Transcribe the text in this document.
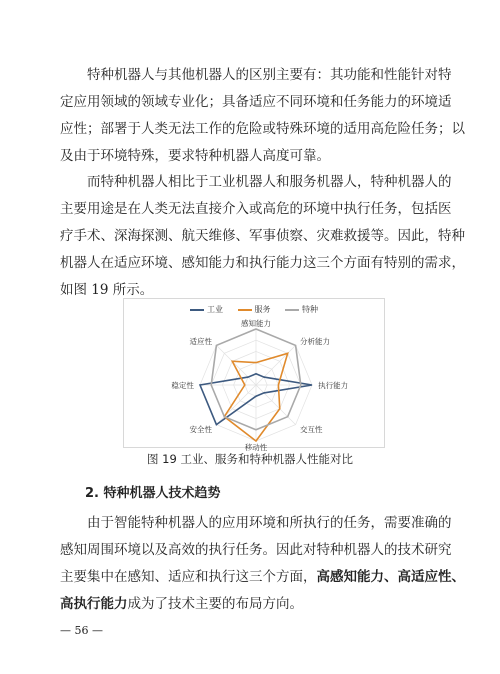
特种机器人与其他机器人的区别主要有：其功能和性能针对特
定应用领域的领域专业化；具备适应不同环境和任务能力的环境适
应性；部署于人类无法工作的危险或特殊环境的适用高危险任务；以
及由于环境特殊，要求特种机器人高度可靠。
而特种机器人相比于工业机器人和服务机器人，特种机器人的
主要用途是在人类无法直接介入或高危的环境中执行任务，包括医
疗手术、深海探测、航天维修、军事侦察、灾难救援等。因此，特种
机器人在适应环境、感知能力和执行能力这三个方面有特别的需求，
如图 19 所示。
工业	服务	特种
感知能力
分析能力
执行能力
交互性
移动性
安全性
稳定性
适应性
图 19 工业、服务和特种机器人性能对比
2. 特种机器人技术趋势
由于智能特种机器人的应用环境和所执行的任务，需要准确的
感知周围环境以及高效的执行任务。因此对特种机器人的技术研究
主要集中在感知、适应和执行这三个方面，高感知能力、高适应性、
高执行能力成为了技术主要的布局方向。
— 56 —
